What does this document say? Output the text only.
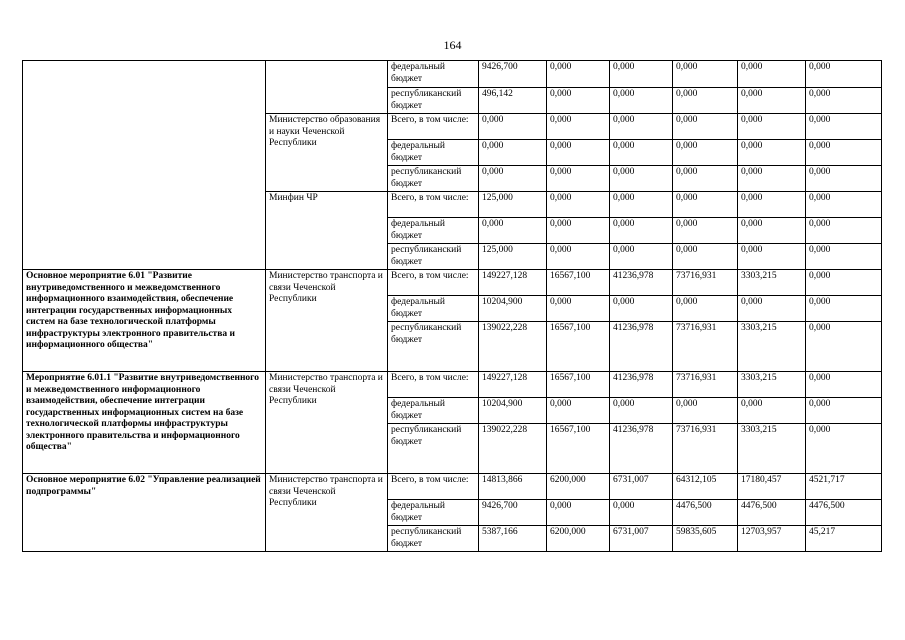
164
		федеральный бюджет	9426,700	0,000	0,000	0,000	0,000	0,000
		республиканский бюджет	496,142	0,000	0,000	0,000	0,000	0,000
	Министерство образования и науки Чеченской Республики	Всего, в том числе:	0,000	0,000	0,000	0,000	0,000	0,000
		федеральный бюджет	0,000	0,000	0,000	0,000	0,000	0,000
		республиканский бюджет	0,000	0,000	0,000	0,000	0,000	0,000
	Минфин ЧР	Всего, в том числе:	125,000	0,000	0,000	0,000	0,000	0,000
		федеральный бюджет	0,000	0,000	0,000	0,000	0,000	0,000
		республиканский бюджет	125,000	0,000	0,000	0,000	0,000	0,000
Основное мероприятие 6.01 "Развитие внутриведомственного и межведомственного информационного взаимодействия, обеспечение интеграции государственных информационных систем на базе технологической платформы инфраструктуры электронного правительства и информационного общества"	Министерство транспорта и связи Чеченской Республики	Всего, в том числе:	149227,128	16567,100	41236,978	73716,931	3303,215	0,000
		федеральный бюджет	10204,900	0,000	0,000	0,000	0,000	0,000
		республиканский бюджет	139022,228	16567,100	41236,978	73716,931	3303,215	0,000
Мероприятие 6.01.1 "Развитие внутриведомственного и межведомственного информационного взаимодействия, обеспечение интеграции государственных информационных систем на базе технологической платформы инфраструктуры электронного правительства и информационного общества"	Министерство транспорта и связи Чеченской Республики	Всего, в том числе:	149227,128	16567,100	41236,978	73716,931	3303,215	0,000
		федеральный бюджет	10204,900	0,000	0,000	0,000	0,000	0,000
		республиканский бюджет	139022,228	16567,100	41236,978	73716,931	3303,215	0,000
Основное мероприятие 6.02 "Управление реализацией подпрограммы"	Министерство транспорта и связи Чеченской Республики	Всего, в том числе:	14813,866	6200,000	6731,007	64312,105	17180,457	4521,717
		федеральный бюджет	9426,700	0,000	0,000	4476,500	4476,500	4476,500
		республиканский бюджет	5387,166	6200,000	6731,007	59835,605	12703,957	45,217
